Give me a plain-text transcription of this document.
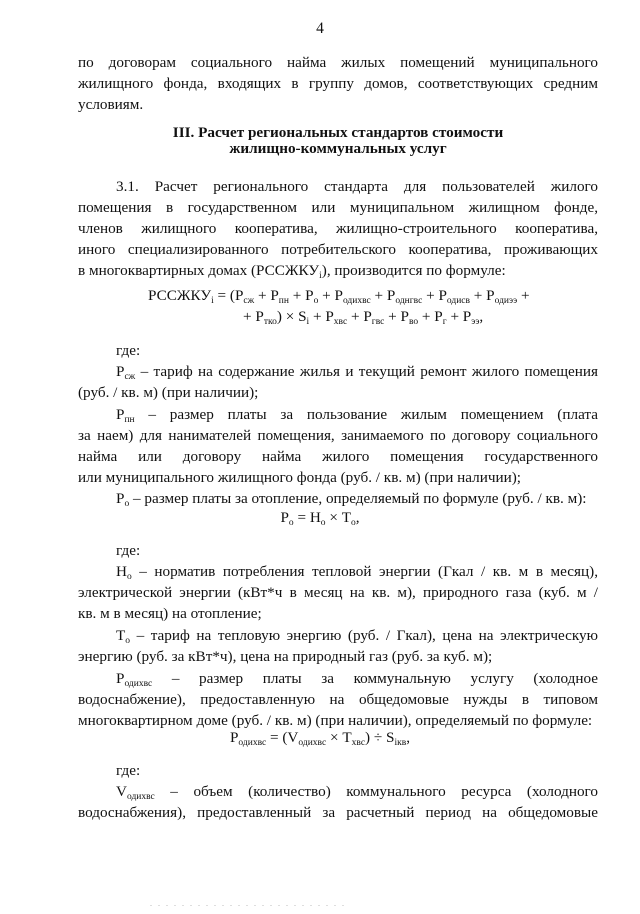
4
по договорам социального найма жилых помещений муниципального
жилищного фонда, входящих в группу домов, соответствующих средним
условиям.
III. Расчет региональных стандартов стоимости
жилищно-коммунальных услуг
3.1. Расчет регионального стандарта для пользователей жилого
помещения в государственном или муниципальном жилищном фонде,
членов жилищного кооператива, жилищно-строительного кооператива,
иного специализированного потребительского кооператива, проживающих
в многоквартирных домах $(РССЖКУ_i)$, производится по формуле:
$РССЖКУ_i = (Р_{сж} + Р_{пн} + Р_о + Р_{одихвс} + Р_{однгвс} + Р_{одисв} + Р_{одиээ}$ +
+ $Р_{тко}) \times S_i + Р_{хвс} + Р_{гвс} + Р_{во} + Р_г + Р_{ээ}$,
где:
$Р_{сж}$ – тариф на содержание жилья и текущий ремонт жилого помещения
(руб. / кв. м) (при наличии);
$Р_{пн}$ – размер платы за пользование жилым помещением (плата
за наем) для нанимателей помещения, занимаемого по договору социального
найма или договору найма жилого помещения государственного
или муниципального жилищного фонда (руб. / кв. м) (при наличии);
$Р_о$ – размер платы за отопление, определяемый по формуле (руб. / кв. м):
$Р_о = Н_о \times Т_о$,
где:
$Н_о$ – норматив потребления тепловой энергии (Гкал / кв. м в месяц),
электрической энергии (кВт*ч в месяц на кв. м), природного газа (куб. м /
кв. м в месяц) на отопление;
$Т_о$ – тариф на тепловую энергию (руб. / Гкал), цена на электрическую
энергию (руб. за кВт*ч), цена на природный газ (руб. за куб. м);
$Р_{одихвс}$ – размер платы за коммунальную услугу (холодное
водоснабжение), предоставленную на общедомовые нужды в типовом
многоквартирном доме (руб. / кв. м) (при наличии), определяемый по формуле:
$Р_{одихвс} = (V_{одихвс} \times Т_{хвс}) \div S_{iкв}$,
где:
$V_{одихвс}$ – объем (количество) коммунального ресурса (холодного
водоснабжения), предоставленный за расчетный период на общедомовые
. . . . . . . . . . . . . . . . . . . . . . . . .
